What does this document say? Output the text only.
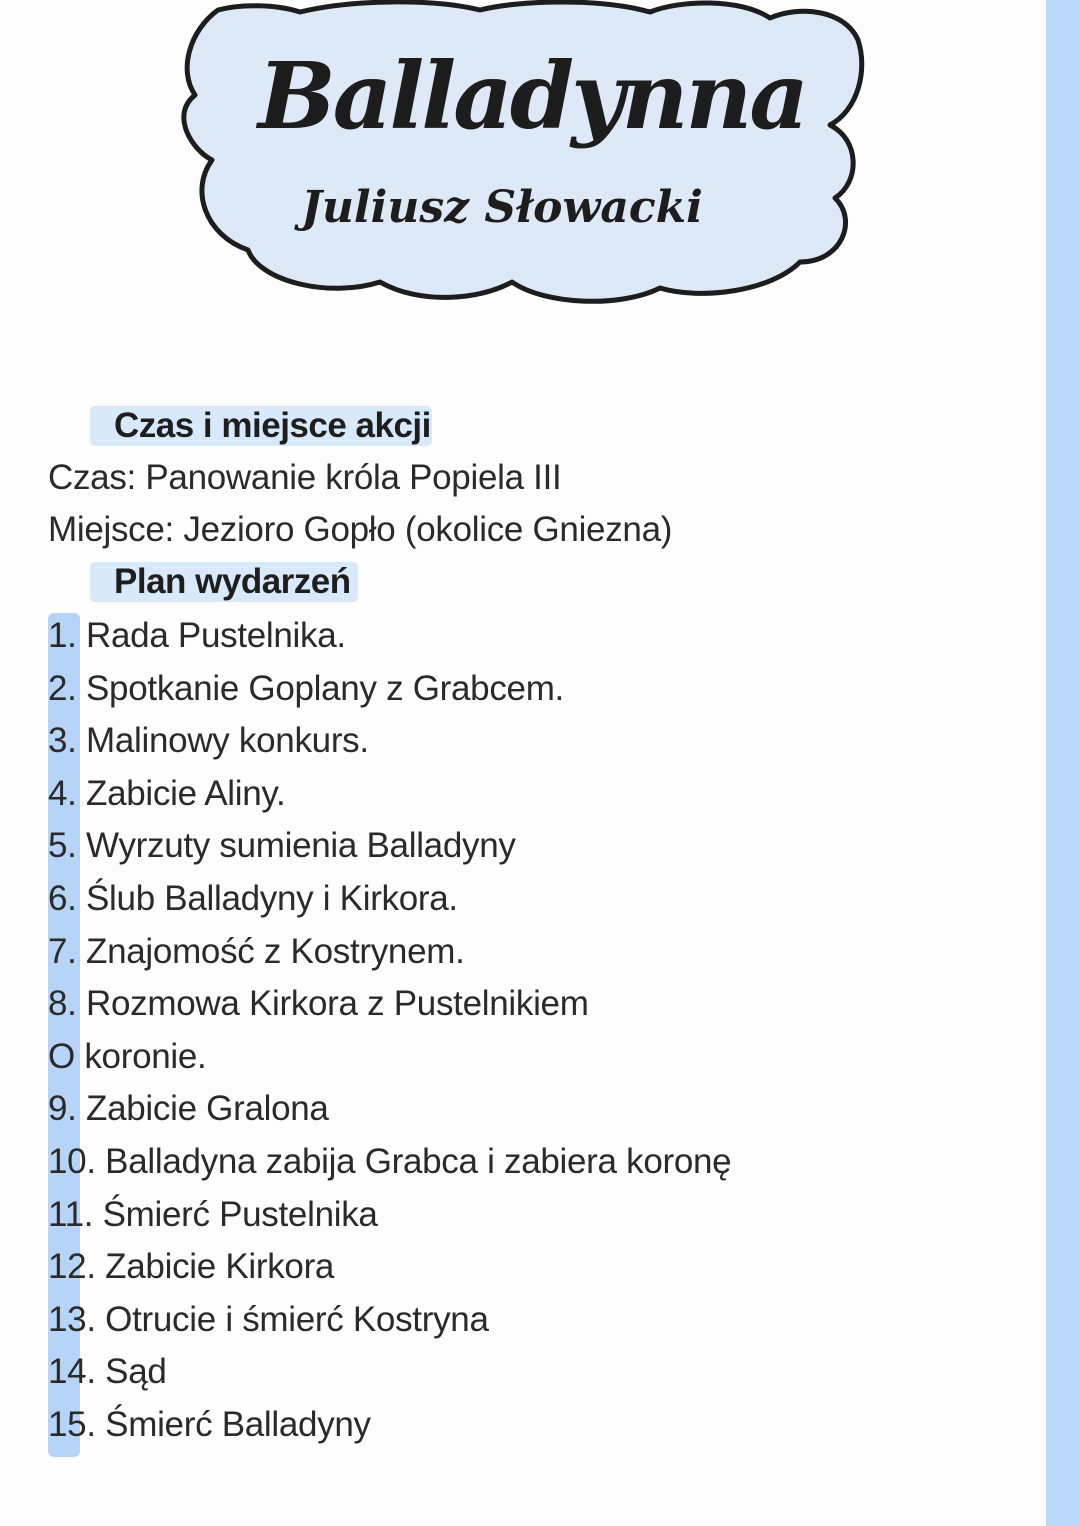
Balladynna
Juliusz Słowacki
Czas i miejsce akcji
Czas: Panowanie króla Popiela III
Miejsce: Jezioro Gopło (okolice Gniezna)
Plan wydarzeń
1. Rada Pustelnika.
2. Spotkanie Goplany z Grabcem.
3. Malinowy konkurs.
4. Zabicie Aliny.
5. Wyrzuty sumienia Balladyny
6. Ślub Balladyny i Kirkora.
7. Znajomość z Kostrynem.
8. Rozmowa Kirkora z Pustelnikiem
O koronie.
9. Zabicie Gralona
10. Balladyna zabija Grabca i zabiera koronę
11. Śmierć Pustelnika
12. Zabicie Kirkora
13. Otrucie i śmierć Kostryna
14. Sąd
15. Śmierć Balladyny
